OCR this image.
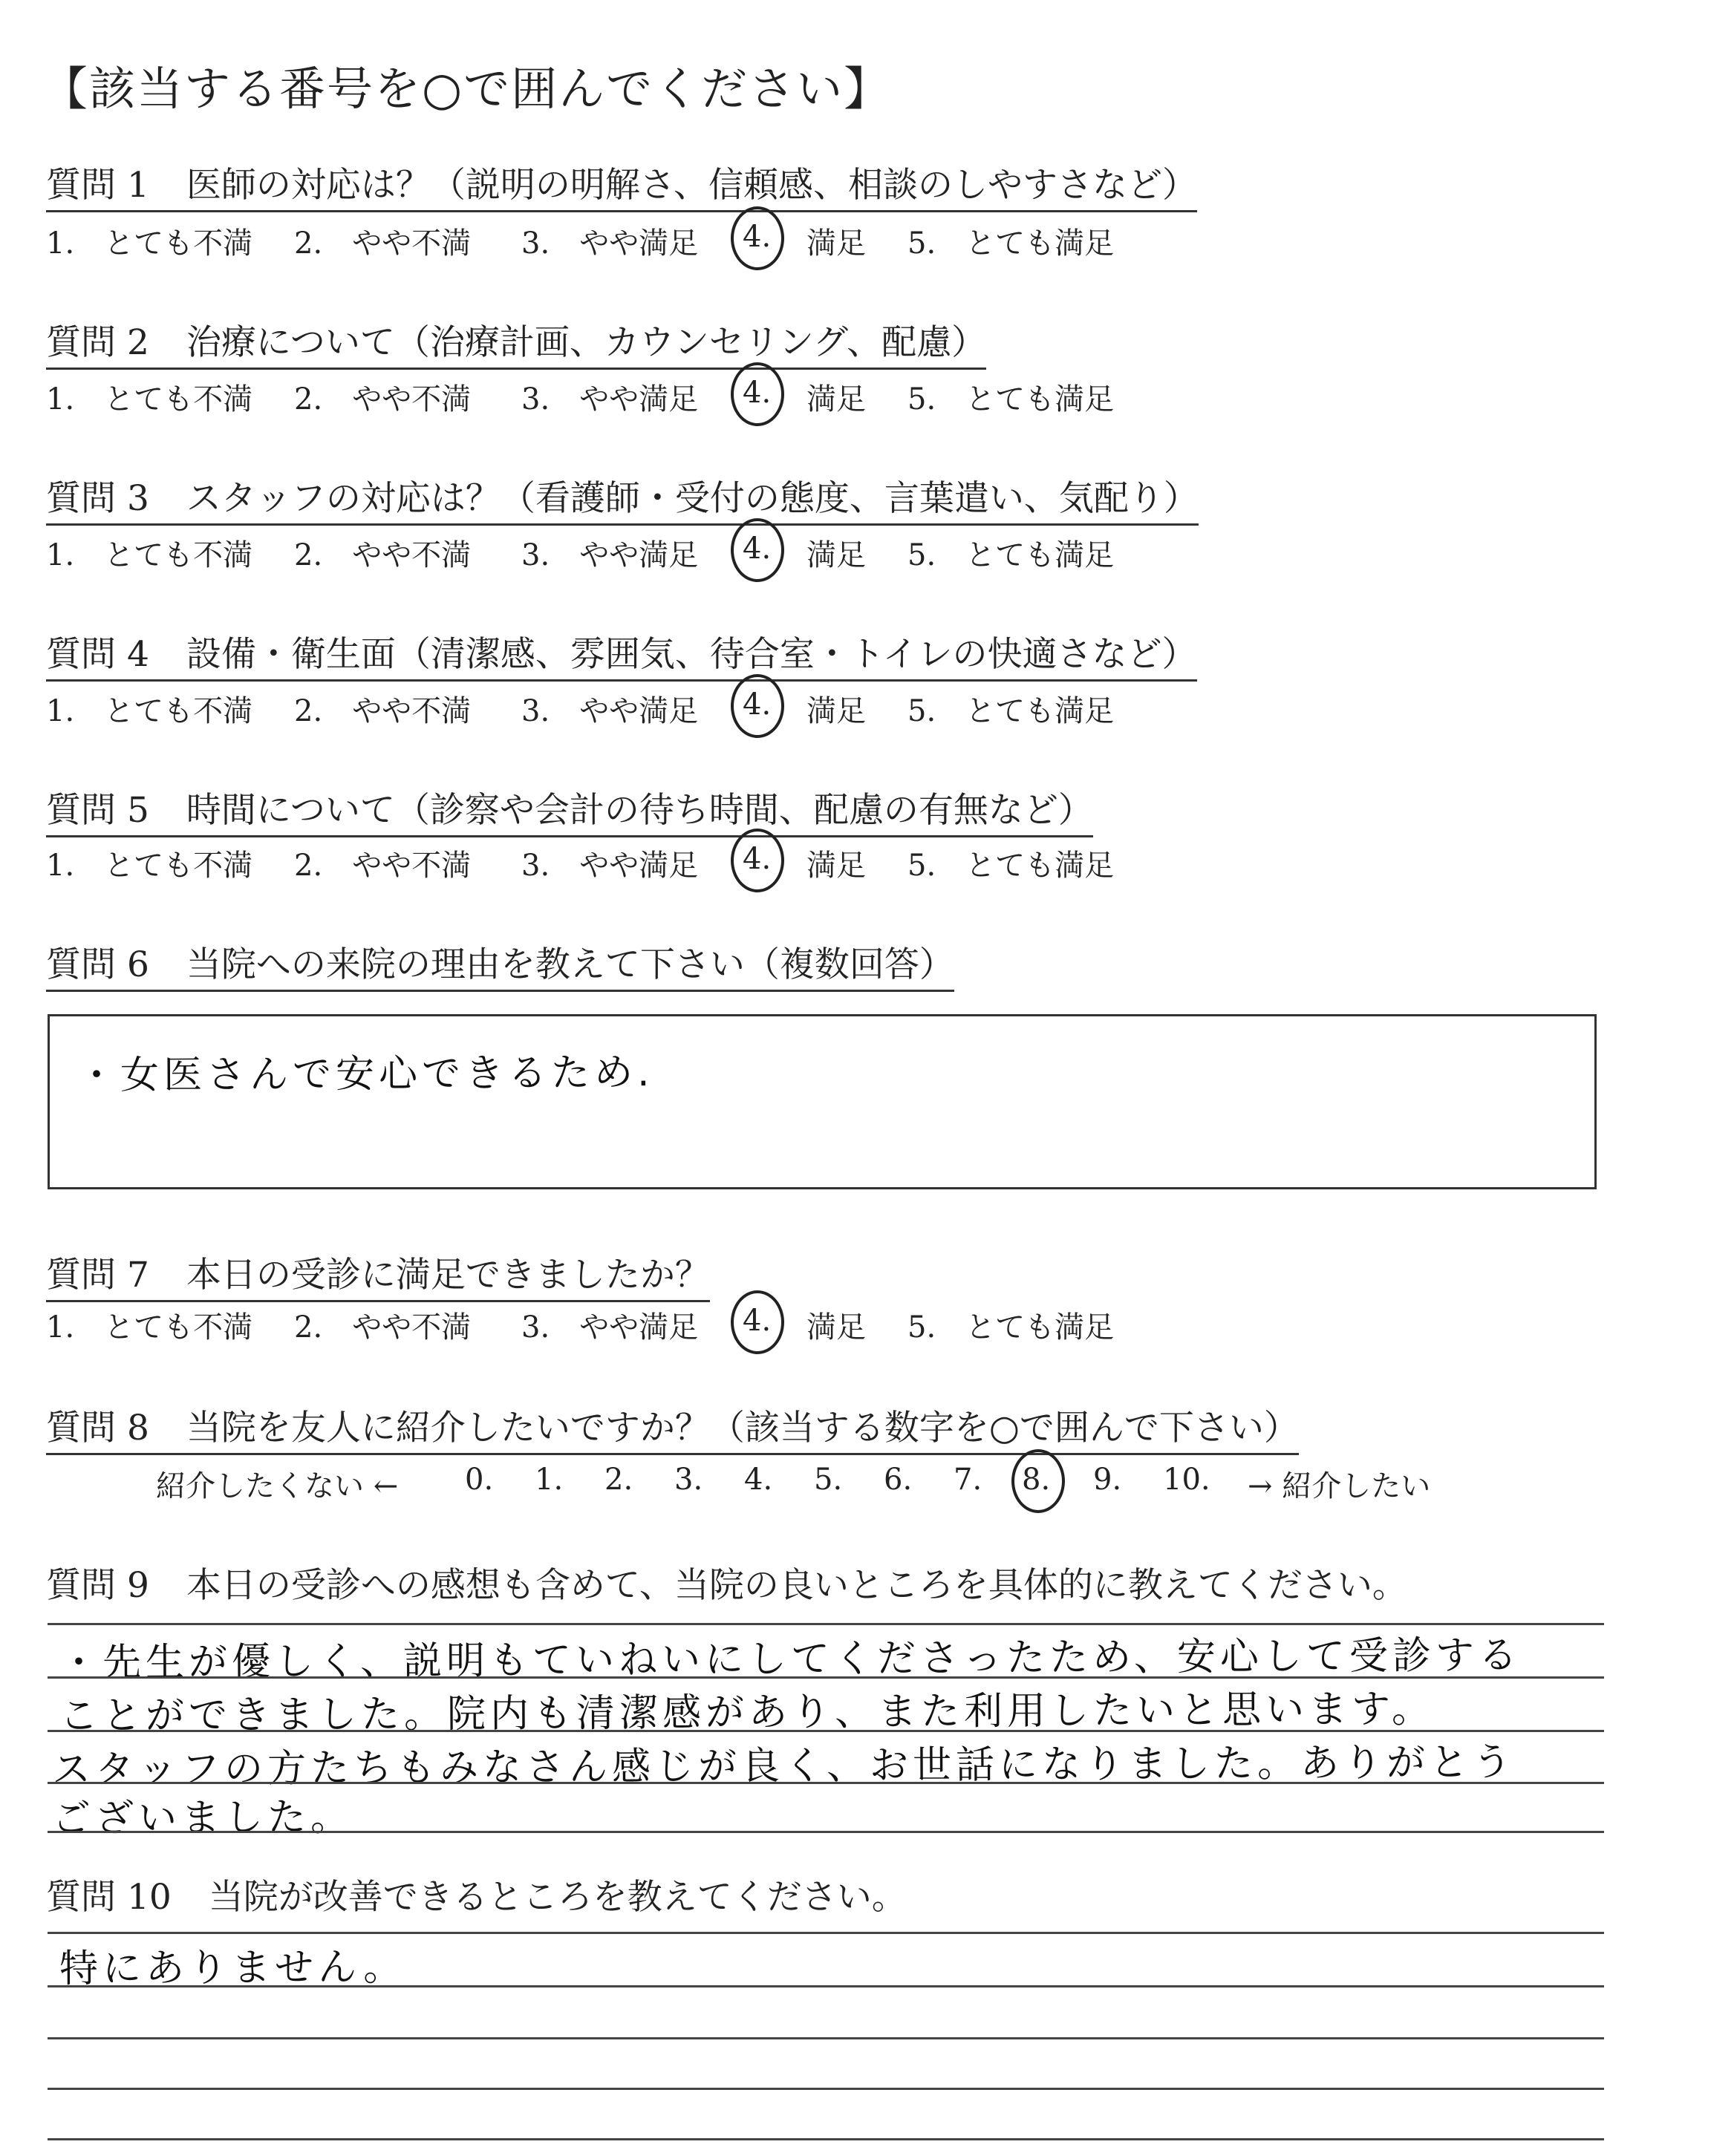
【該当する番号を○で囲んでください】
質問 1 医師の対応は？（説明の明解さ、信頼感、相談のしやすさなど）
1.　とても不満 2.　やや不満 3.　やや満足 4. 満足 5.　とても満足
質問 2 治療について（治療計画、カウンセリング、配慮）
1.　とても不満 2.　やや不満 3.　やや満足 4. 満足 5.　とても満足
質問 3 スタッフの対応は？（看護師・受付の態度、言葉遣い、気配り）
1.　とても不満 2.　やや不満 3.　やや満足 4. 満足 5.　とても満足
質問 4 設備・衛生面（清潔感、雰囲気、待合室・トイレの快適さなど）
1.　とても不満 2.　やや不満 3.　やや満足 4. 満足 5.　とても満足
質問 5 時間について（診察や会計の待ち時間、配慮の有無など）
1.　とても不満 2.　やや不満 3.　やや満足 4. 満足 5.　とても満足
質問 6 当院への来院の理由を教えて下さい（複数回答）
・女医さんで安心できるため.
質問 7 本日の受診に満足できましたか？
1.　とても不満 2.　やや不満 3.　やや満足 4. 満足 5.　とても満足
質問 8 当院を友人に紹介したいですか？（該当する数字を○で囲んで下さい）
紹介したくない ← 0. 1. 2. 3. 4. 5. 6. 7. 8. 9. 10. → 紹介したい
質問 9 本日の受診への感想も含めて、当院の良いところを具体的に教えてください。
・先生が優しく、説明もていねいにしてくださったため、安心して受診する
ことができました。院内も清潔感があり、また利用したいと思います。
スタッフの方たちもみなさん感じが良く、お世話になりました。ありがとう
ございました。
質問 10 当院が改善できるところを教えてください。
特にありません。
